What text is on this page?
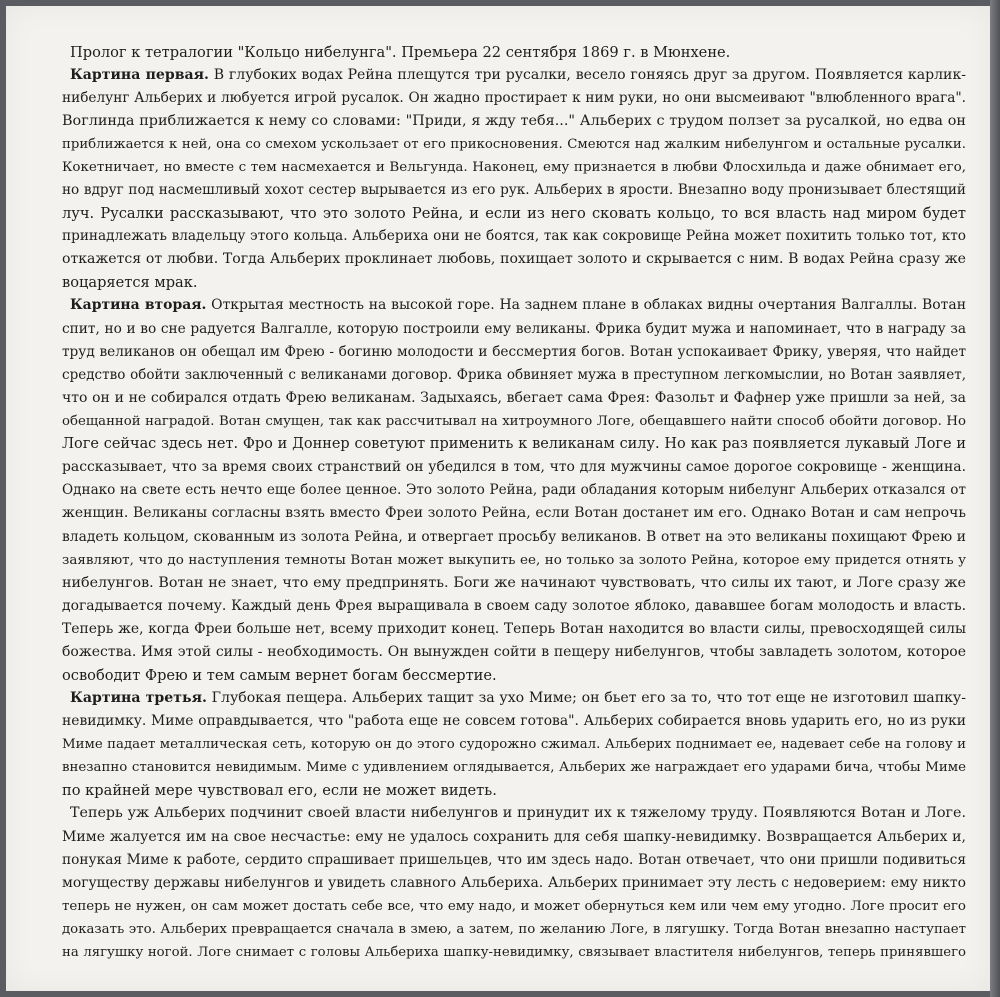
Пролог к тетралогии "Кольцо нибелунга". Премьера 22 сентября 1869 г. в Мюнхене.
Картина первая. В глубоких водах Рейна плещутся три русалки, весело гоняясь друг за другом. Появляется карлик-
нибелунг Альберих и любуется игрой русалок. Он жадно простирает к ним руки, но они высмеивают "влюбленного врага".
Воглинда приближается к нему со словами: "Приди, я жду тебя..." Альберих с трудом ползет за русалкой, но едва он
приближается к ней, она со смехом ускользает от его прикосновения. Смеются над жалким нибелунгом и остальные русалки.
Кокетничает, но вместе с тем насмехается и Вельгунда. Наконец, ему признается в любви Флосхильда и даже обнимает его,
но вдруг под насмешливый хохот сестер вырывается из его рук. Альберих в ярости. Внезапно воду пронизывает блестящий
луч. Русалки рассказывают, что это золото Рейна, и если из него сковать кольцо, то вся власть над миром будет
принадлежать владельцу этого кольца. Альбериха они не боятся, так как сокровище Рейна может похитить только тот, кто
откажется от любви. Тогда Альберих проклинает любовь, похищает золото и скрывается с ним. В водах Рейна сразу же
воцаряется мрак.
Картина вторая. Открытая местность на высокой горе. На заднем плане в облаках видны очертания Валгаллы. Вотан
спит, но и во сне радуется Валгалле, которую построили ему великаны. Фрика будит мужа и напоминает, что в награду за
труд великанов он обещал им Фрею - богиню молодости и бессмертия богов. Вотан успокаивает Фрику, уверяя, что найдет
средство обойти заключенный с великанами договор. Фрика обвиняет мужа в преступном легкомыслии, но Вотан заявляет,
что он и не собирался отдать Фрею великанам. Задыхаясь, вбегает сама Фрея: Фазольт и Фафнер уже пришли за ней, за
обещанной наградой. Вотан смущен, так как рассчитывал на хитроумного Логе, обещавшего найти способ обойти договор. Но
Логе сейчас здесь нет. Фро и Доннер советуют применить к великанам силу. Но как раз появляется лукавый Логе и
рассказывает, что за время своих странствий он убедился в том, что для мужчины самое дорогое сокровище - женщина.
Однако на свете есть нечто еще более ценное. Это золото Рейна, ради обладания которым нибелунг Альберих отказался от
женщин. Великаны согласны взять вместо Фреи золото Рейна, если Вотан достанет им его. Однако Вотан и сам непрочь
владеть кольцом, скованным из золота Рейна, и отвергает просьбу великанов. В ответ на это великаны похищают Фрею и
заявляют, что до наступления темноты Вотан может выкупить ее, но только за золото Рейна, которое ему придется отнять у
нибелунгов. Вотан не знает, что ему предпринять. Боги же начинают чувствовать, что силы их тают, и Логе сразу же
догадывается почему. Каждый день Фрея выращивала в своем саду золотое яблоко, дававшее богам молодость и власть.
Теперь же, когда Фреи больше нет, всему приходит конец. Теперь Вотан находится во власти силы, превосходящей силы
божества. Имя этой силы - необходимость. Он вынужден сойти в пещеру нибелунгов, чтобы завладеть золотом, которое
освободит Фрею и тем самым вернет богам бессмертие.
Картина третья. Глубокая пещера. Альберих тащит за ухо Миме; он бьет его за то, что тот еще не изготовил шапку-
невидимку. Миме оправдывается, что "работа еще не совсем готова". Альберих собирается вновь ударить его, но из руки
Миме падает металлическая сеть, которую он до этого судорожно сжимал. Альберих поднимает ее, надевает себе на голову и
внезапно становится невидимым. Миме с удивлением оглядывается, Альберих же награждает его ударами бича, чтобы Миме
по крайней мере чувствовал его, если не может видеть.
Теперь уж Альберих подчинит своей власти нибелунгов и принудит их к тяжелому труду. Появляются Вотан и Логе.
Миме жалуется им на свое несчастье: ему не удалось сохранить для себя шапку-невидимку. Возвращается Альберих и,
понукая Миме к работе, сердито спрашивает пришельцев, что им здесь надо. Вотан отвечает, что они пришли подивиться
могуществу державы нибелунгов и увидеть славного Альбериха. Альберих принимает эту лесть с недоверием: ему никто
теперь не нужен, он сам может достать себе все, что ему надо, и может обернуться кем или чем ему угодно. Логе просит его
доказать это. Альберих превращается сначала в змею, а затем, по желанию Логе, в лягушку. Тогда Вотан внезапно наступает
на лягушку ногой. Логе снимает с головы Альбериха шапку-невидимку, связывает властителя нибелунгов, теперь принявшего
